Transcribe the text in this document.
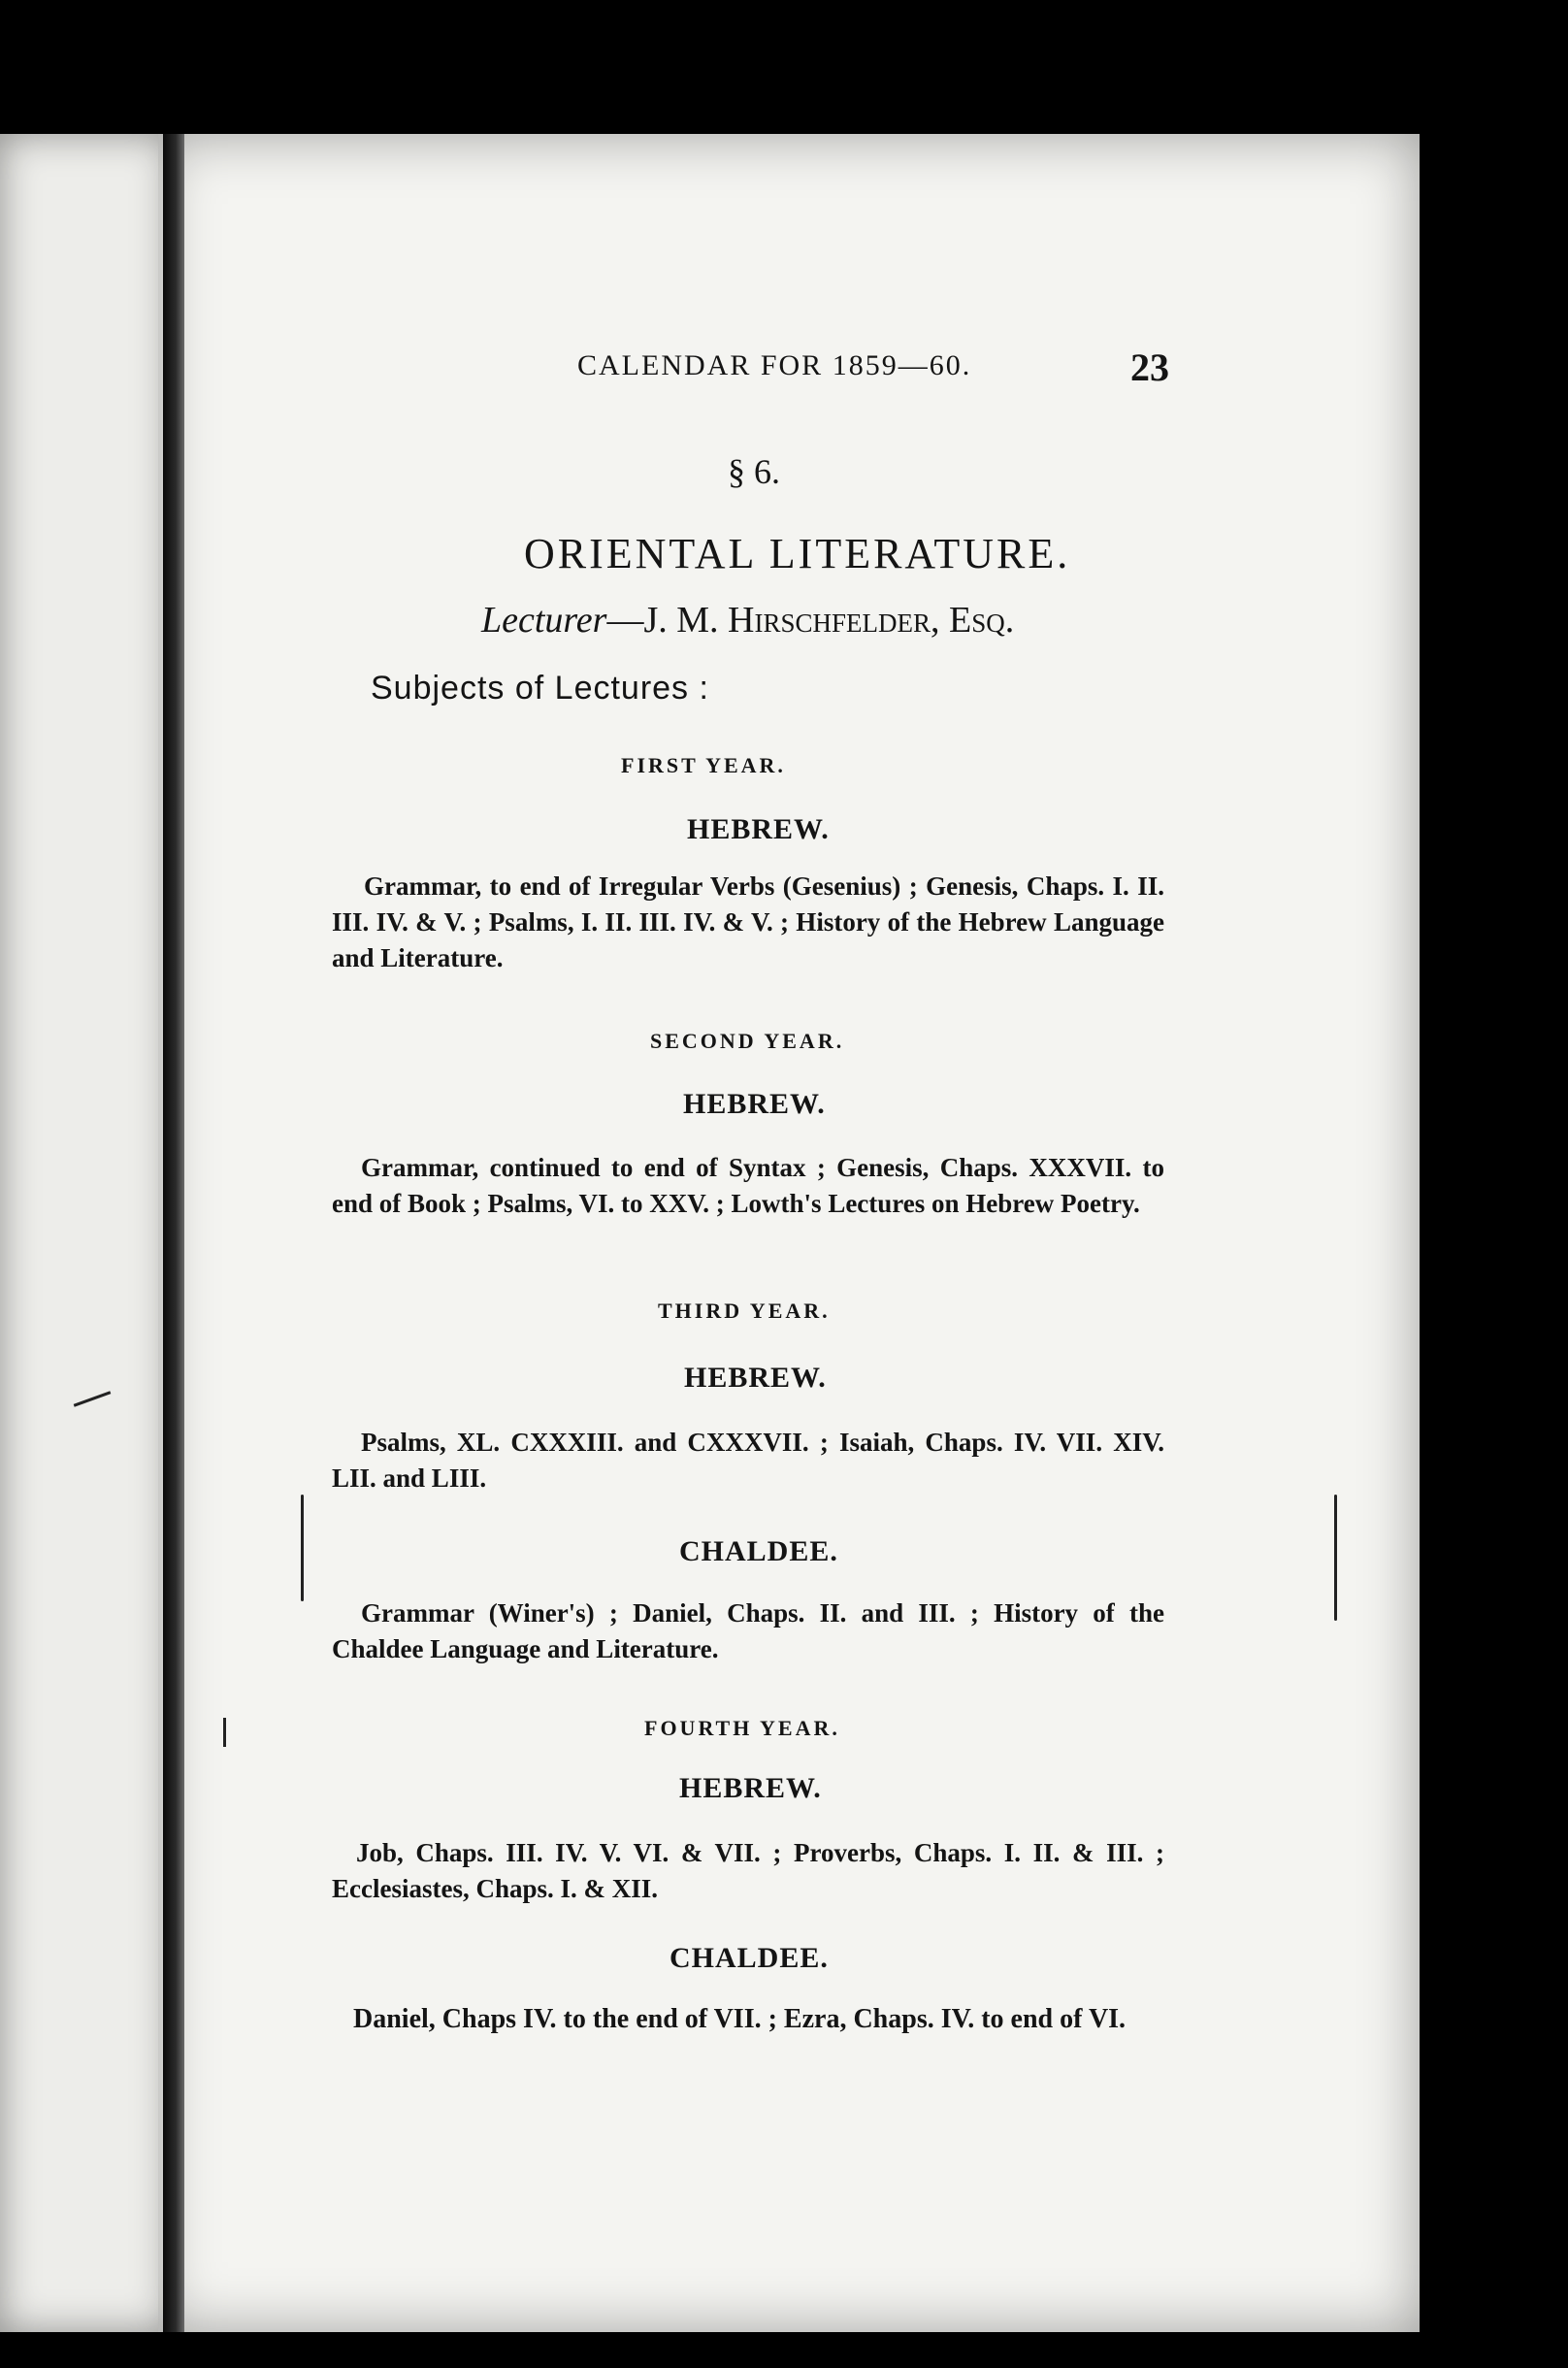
CALENDAR FOR 1859—60.	23
§ 6.
ORIENTAL LITERATURE.
Lecturer—J. M. Hirschfelder, Esq.
Subjects of Lectures :
FIRST YEAR.
HEBREW.
Grammar, to end of Irregular Verbs (Gesenius) ; Genesis, Chaps. I. II. III. IV. & V. ; Psalms, I. II. III. IV. & V. ; History of the Hebrew Language and Literature.
SECOND YEAR.
HEBREW.
Grammar, continued to end of Syntax ; Genesis, Chaps. XXXVII. to end of Book ; Psalms, VI. to XXV. ; Lowth's Lectures on Hebrew Poetry.
THIRD YEAR.
HEBREW.
Psalms, XL. CXXXIII. and CXXXVII. ; Isaiah, Chaps. IV. VII. XIV. LII. and LIII.
CHALDEE.
Grammar (Winer's) ; Daniel, Chaps. II. and III. ; History of the Chaldee Language and Literature.
FOURTH YEAR.
HEBREW.
Job, Chaps. III. IV. V. VI. & VII. ; Proverbs, Chaps. I. II. & III. ; Ecclesiastes, Chaps. I. & XII.
CHALDEE.
Daniel, Chaps IV. to the end of VII. ; Ezra, Chaps. IV. to end of VI.
